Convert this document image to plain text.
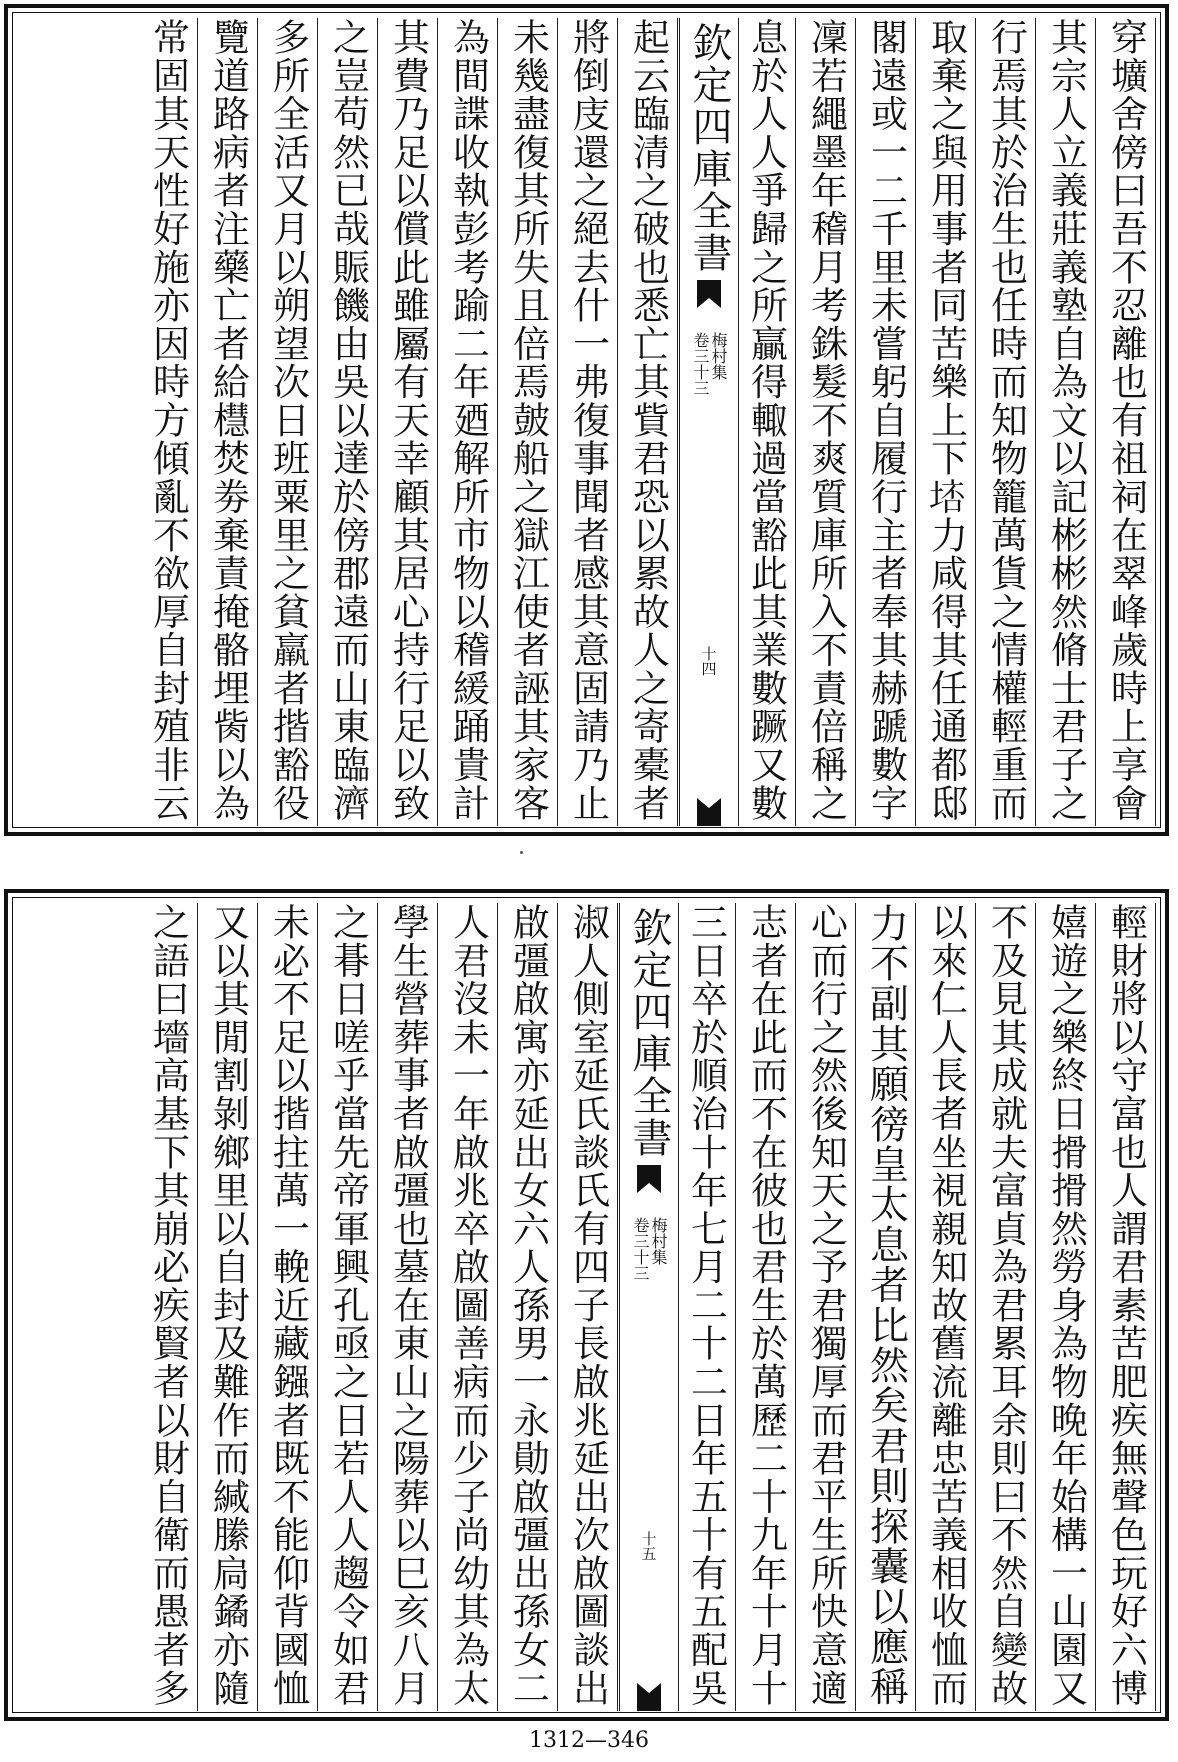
穿壙舍傍曰吾不忍離也有祖祠在翠峰歲時上享會
其宗人立義莊義塾自為文以記彬彬然脩士君子之
行焉其於治生也任時而知物籠萬貨之情權輕重而
取棄之與用事者同苦樂上下𡌮力咸得其任通都邸
閣遠或一二千里未嘗躬自履行主者奉其赫蹏數字
凜若繩墨年稽月考銖髮不爽質庫所入不責倍稱之
息於人人爭歸之所贏得輙過當豁此其業數蹶又數
起云臨清之破也悉亡其貲君恐以累故人之寄橐者
將倒庋還之絕去什一弗復事聞者感其意固請乃止
未幾盡復其所失且倍焉皷船之獄江使者誣其家客
為間諜收執彭考踰二年廼解所市物以稽緩踊貴計
其費乃足以償此雖屬有天幸顧其居心持行足以致
之豈苟然已哉賑饑由吳以達於傍郡遠而山東臨濟
多所全活又月以朔望次日班粟里之貧羸者揩豁役
覽道路病者注藥亡者給櫘焚劵棄責掩骼埋胔以為
常固其天性好施亦因時方傾亂不欲厚自封殖非云	欽定四庫全書
梅村集
卷三十三
十四
輕財將以守富也人謂君素苦肥疾無聲色玩好六博
嬉遊之樂終日搰搰然勞身為物晚年始構一山園又
不及見其成就夫富貞為君累耳余則曰不然自變故
以來仁人長者坐視親知故舊流離忠苦義相收恤而
力不副其願徬皇太息者比然矣君則探囊以應稱
心而行之然後知天之予君獨厚而君平生所快意適
志者在此而不在彼也君生於萬歷二十九年十月十
三日卒於順治十年七月二十二日年五十有五配吳
淑人側室延氏談氏有四子長啟兆延出次啟圖談出
啟彊啟寓亦延出女六人孫男一永勛啟彊出孫女二
人君沒未一年啟兆卒啟圖善病而少子尚幼其為太
學生營葬事者啟彊也墓在東山之陽葬以巳亥八月
之朞日嗟乎當先帝軍興孔亟之日若人人趨令如君
未必不足以揩拄萬一輓近藏鏹者既不能仰背國恤
又以其閒割剝鄉里以自封及難作而緘縢扃鐍亦隨
之語曰墻高基下其崩必疾賢者以財自衛而愚者多	欽定四庫全書
梅村集
卷三十三
十五
1312—346
